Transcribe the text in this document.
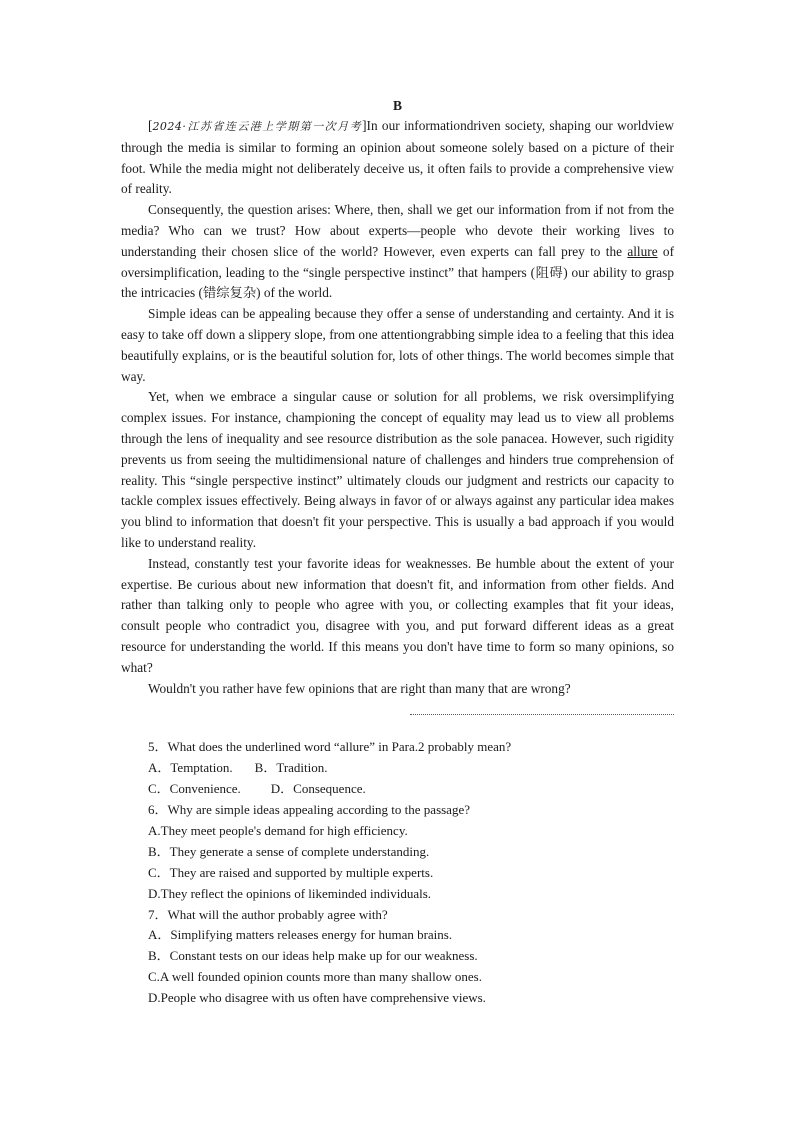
B

[2024·江苏省连云港上学期第一次月考]In our informationdriven society, shaping our worldview through the media is similar to forming an opinion about someone solely based on a picture of their foot. While the media might not deliberately deceive us, it often fails to provide a comprehensive view of reality.

Consequently, the question arises: Where, then, shall we get our information from if not from the media? Who can we trust? How about experts—people who devote their working lives to understanding their chosen slice of the world? However, even experts can fall prey to the allure of oversimplification, leading to the “single perspective instinct” that hampers (阻碍) our ability to grasp the intricacies (错综复杂) of the world.

Simple ideas can be appealing because they offer a sense of understanding and certainty. And it is easy to take off down a slippery slope, from one attentiongrabbing simple idea to a feeling that this idea beautifully explains, or is the beautiful solution for, lots of other things. The world becomes simple that way.

Yet, when we embrace a singular cause or solution for all problems, we risk oversimplifying complex issues. For instance, championing the concept of equality may lead us to view all problems through the lens of inequality and see resource distribution as the sole panacea. However, such rigidity prevents us from seeing the multidimensional nature of challenges and hinders true comprehension of reality. This “single perspective instinct” ultimately clouds our judgment and restricts our capacity to tackle complex issues effectively. Being always in favor of or always against any particular idea makes you blind to information that doesn't fit your perspective. This is usually a bad approach if you would like to understand reality.

Instead, constantly test your favorite ideas for weaknesses. Be humble about the extent of your expertise. Be curious about new information that doesn't fit, and information from other fields. And rather than talking only to people who agree with you, or collecting examples that fit your ideas, consult people who contradict you, disagree with you, and put forward different ideas as a great resource for understanding the world. If this means you don't have time to form so many opinions, so what?

Wouldn't you rather have few opinions that are right than many that are wrong?

5．What does the underlined word “allure” in Para.2 probably mean?

A．Temptation. B．Tradition.

C．Convenience. D．Consequence.

6．Why are simple ideas appealing according to the passage?

A.They meet people's demand for high efficiency.

B．They generate a sense of complete understanding.

C．They are raised and supported by multiple experts.

D.They reflect the opinions of likeminded individuals.

7．What will the author probably agree with?

A．Simplifying matters releases energy for human brains.

B．Constant tests on our ideas help make up for our weakness.

C.A well founded opinion counts more than many shallow ones.

D.People who disagree with us often have comprehensive views.
